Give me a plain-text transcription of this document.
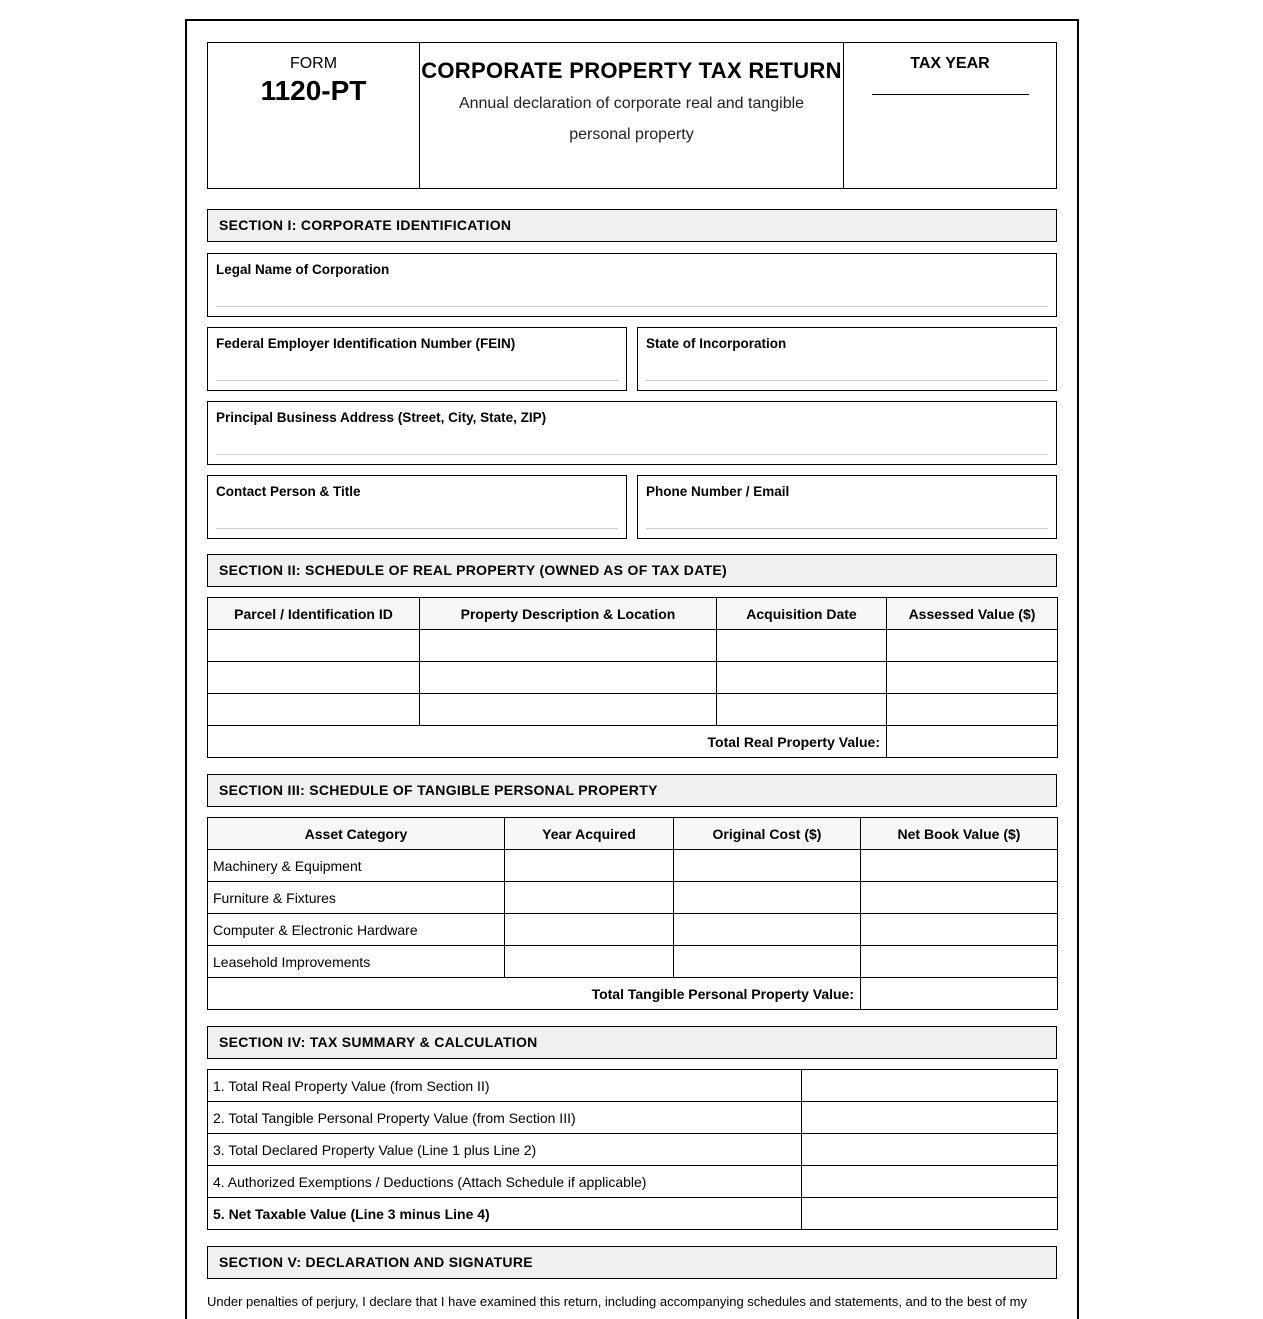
FORM
1120-PT
CORPORATE PROPERTY TAX RETURN
Annual declaration of corporate real and tangible personal property
TAX YEAR
SECTION I: CORPORATE IDENTIFICATION
Legal Name of Corporation
Federal Employer Identification Number (FEIN)	State of Incorporation
Principal Business Address (Street, City, State, ZIP)
Contact Person & Title	Phone Number / Email
SECTION II: SCHEDULE OF REAL PROPERTY (OWNED AS OF TAX DATE)
Parcel / Identification ID	Property Description & Location	Acquisition Date	Assessed Value ($)

Total Real Property Value:			
SECTION III: SCHEDULE OF TANGIBLE PERSONAL PROPERTY
Asset Category	Year Acquired	Original Cost ($)	Net Book Value ($)
Machinery & Equipment			
Furniture & Fixtures			
Computer & Electronic Hardware			
Leasehold Improvements			
Total Tangible Personal Property Value:			
SECTION IV: TAX SUMMARY & CALCULATION
1. Total Real Property Value (from Section II)	
2. Total Tangible Personal Property Value (from Section III)	
3. Total Declared Property Value (Line 1 plus Line 2)	
4. Authorized Exemptions / Deductions (Attach Schedule if applicable)	
5. Net Taxable Value (Line 3 minus Line 4)	
SECTION V: DECLARATION AND SIGNATURE

Under penalties of perjury, I declare that I have examined this return, including accompanying schedules and statements, and to the best of my
